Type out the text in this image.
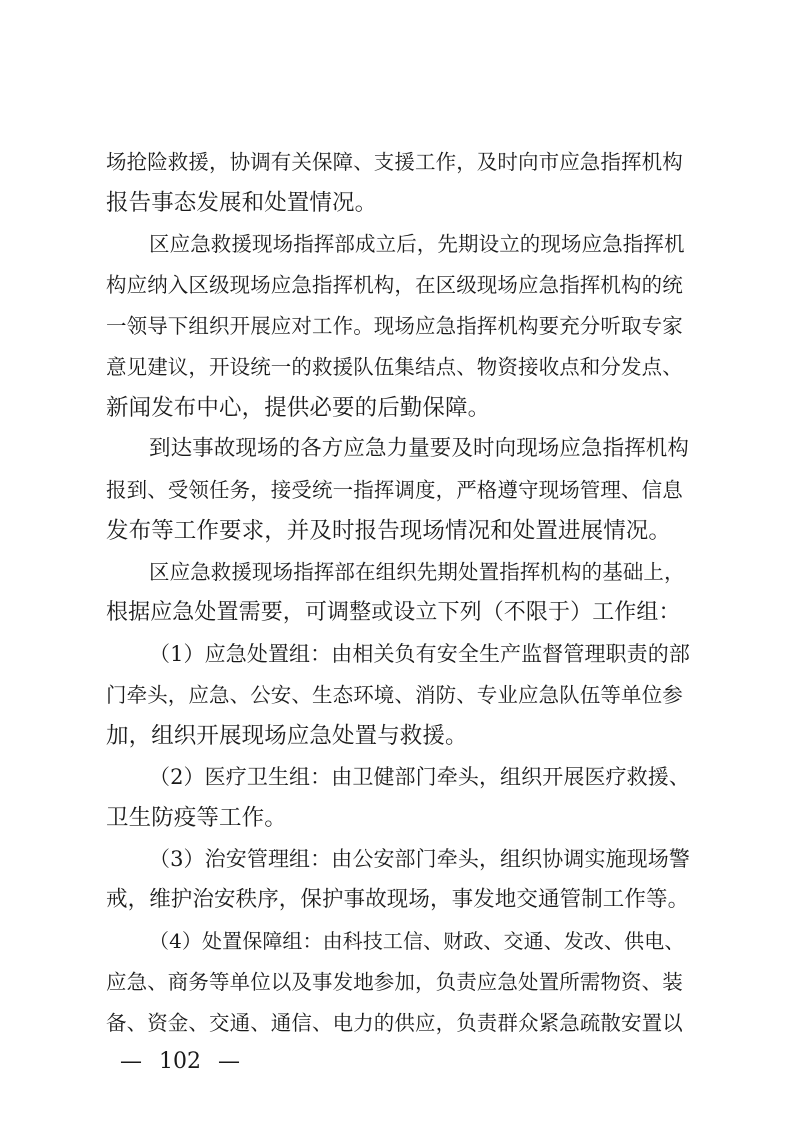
场抢险救援，协调有关保障、支援工作，及时向市应急指挥机构
报告事态发展和处置情况。
区应急救援现场指挥部成立后，先期设立的现场应急指挥机
构应纳入区级现场应急指挥机构，在区级现场应急指挥机构的统
一领导下组织开展应对工作。现场应急指挥机构要充分听取专家
意见建议，开设统一的救援队伍集结点、物资接收点和分发点、
新闻发布中心，提供必要的后勤保障。
到达事故现场的各方应急力量要及时向现场应急指挥机构
报到、受领任务，接受统一指挥调度，严格遵守现场管理、信息
发布等工作要求，并及时报告现场情况和处置进展情况。
区应急救援现场指挥部在组织先期处置指挥机构的基础上，
根据应急处置需要，可调整或设立下列（不限于）工作组：
（1）应急处置组：由相关负有安全生产监督管理职责的部
门牵头，应急、公安、生态环境、消防、专业应急队伍等单位参
加，组织开展现场应急处置与救援。
（2）医疗卫生组：由卫健部门牵头，组织开展医疗救援、
卫生防疫等工作。
（3）治安管理组：由公安部门牵头，组织协调实施现场警
戒，维护治安秩序，保护事故现场，事发地交通管制工作等。
（4）处置保障组：由科技工信、财政、交通、发改、供电、
应急、商务等单位以及事发地参加，负责应急处置所需物资、装
备、资金、交通、通信、电力的供应，负责群众紧急疏散安置以
— 102 —
